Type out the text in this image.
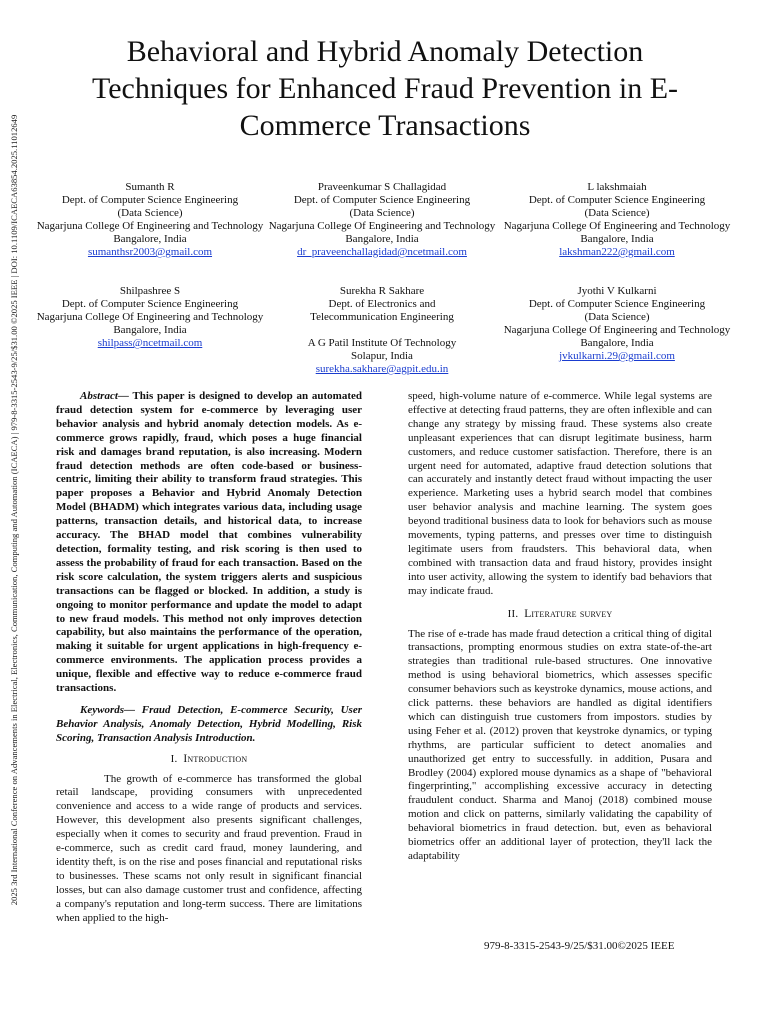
2025 3rd International Conference on Advancements in Electrical, Electronics, Communication, Computing and Automation (ICAECA) | 979-8-3315-2543-9/25/$31.00 ©2025 IEEE | DOI: 10.1109/ICAECA63854.2025.11012649
Behavioral and Hybrid Anomaly Detection Techniques for Enhanced Fraud Prevention in E-Commerce Transactions
Sumanth R
Dept. of Computer Science Engineering
(Data Science)
Nagarjuna College Of Engineering and Technology
Bangalore, India
sumanthsr2003@gmail.com
Praveenkumar S Challagidad
Dept. of Computer Science Engineering
(Data Science)
Nagarjuna College Of Engineering and Technology
Bangalore, India
dr_praveenchallagidad@ncetmail.com
L lakshmaiah
Dept. of Computer Science Engineering
(Data Science)
Nagarjuna College Of Engineering and Technology
Bangalore, India
lakshman222@gmail.com
Shilpashree S
Dept. of Computer Science Engineering
Nagarjuna College Of Engineering and Technology
Bangalore, India
shilpass@ncetmail.com
Surekha R Sakhare
Dept. of Electronics and
Telecommunication Engineering
A G Patil Institute Of Technology
Solapur, India
surekha.sakhare@agpit.edu.in
Jyothi V Kulkarni
Dept. of Computer Science Engineering
(Data Science)
Nagarjuna College Of Engineering and Technology
Bangalore, India
jvkulkarni.29@gmail.com

Abstract— This paper is designed to develop an automated fraud detection system for e-commerce by leveraging user behavior analysis and hybrid anomaly detection models. As e-commerce grows rapidly, fraud, which poses a huge financial risk and damages brand reputation, is also increasing. Modern fraud detection methods are often code-based or business-centric, limiting their ability to transform fraud strategies. This paper proposes a Behavior and Hybrid Anomaly Detection Model (BHADM) which integrates various data, including usage patterns, transaction details, and historical data, to increase accuracy. The BHAD model that combines vulnerability detection, formality testing, and risk scoring is then used to assess the probability of fraud for each transaction. Based on the risk score calculation, the system triggers alerts and suspicious transactions can be flagged or blocked. In addition, a study is ongoing to monitor performance and update the model to adapt to new fraud models. This method not only improves detection capability, but also maintains the performance of the operation, making it suitable for urgent applications in high-frequency e-commerce environments. The application process provides a unique, flexible and effective way to reduce e-commerce fraud transactions.

Keywords— Fraud Detection, E-commerce Security, User Behavior Analysis, Anomaly Detection, Hybrid Modelling, Risk Scoring, Transaction Analysis Introduction.

I. Introduction

The growth of e-commerce has transformed the global retail landscape, providing consumers with unprecedented convenience and access to a wide range of products and services. However, this development also presents significant challenges, especially when it comes to security and fraud prevention. Fraud in e-commerce, such as credit card fraud, money laundering, and identity theft, is on the rise and poses financial and reputational risks to businesses. These scams not only result in significant financial losses, but can also damage customer trust and confidence, affecting a company's reputation and long-term success. There are limitations when applied to the high-

speed, high-volume nature of e-commerce. While legal systems are effective at detecting fraud patterns, they are often inflexible and can change any strategy by missing fraud. These systems also create unpleasant experiences that can disrupt legitimate business, harm customers, and reduce customer satisfaction. Therefore, there is an urgent need for automated, adaptive fraud detection solutions that can accurately and instantly detect fraud without impacting the user experience. Marketing uses a hybrid search model that combines user behavior analysis and machine learning. The system goes beyond traditional business data to look for behaviors such as mouse movements, typing patterns, and presses over time to distinguish legitimate users from fraudsters. This behavioral data, when combined with transaction data and fraud history, provides insight into user activity, allowing the system to identify bad behaviors that may indicate fraud.

II. Literature survey

The rise of e-trade has made fraud detection a critical thing of digital transactions, prompting enormous studies on extra state-of-the-art strategies than traditional rule-based structures. One innovative method is using behavioral biometrics, which assesses specific consumer behaviors such as keystroke dynamics, mouse actions, and click patterns. these behaviors are handled as digital identifiers which can distinguish true customers from impostors. studies by using Feher et al. (2012) proven that keystroke dynamics, or typing rhythms, are particular sufficient to detect anomalies and unauthorized get entry to successfully. in addition, Pusara and Brodley (2004) explored mouse dynamics as a shape of "behavioral fingerprinting," accomplishing excessive accuracy in detecting fraudulent conduct. Sharma and Manoj (2018) combined mouse motion and click on patterns, similarly validating the capability of behavioral biometrics in fraud detection. but, even as behavioral biometrics offer an additional layer of protection, they'll lack the adaptability

979-8-3315-2543-9/25/$31.00©2025 IEEE
